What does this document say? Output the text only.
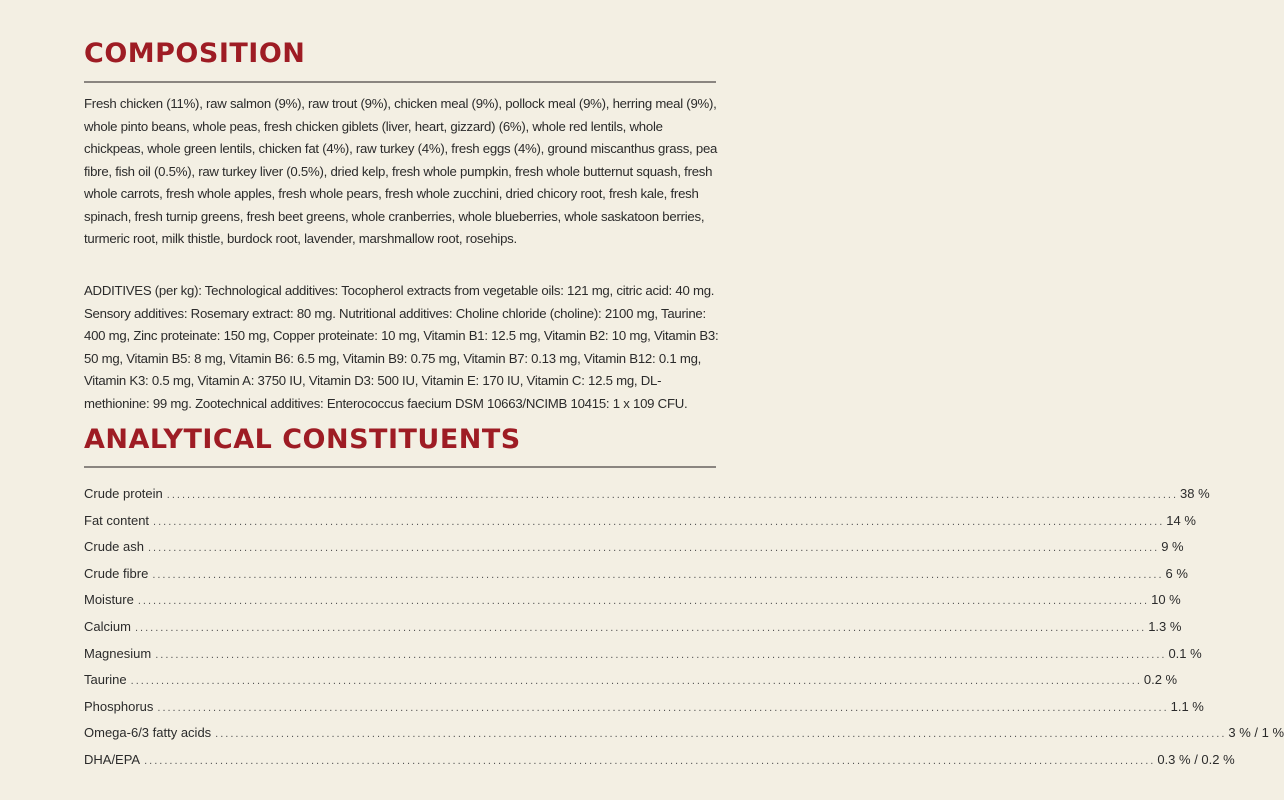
COMPOSITION

Fresh chicken (11%), raw salmon (9%), raw trout (9%), chicken meal (9%), pollock meal (9%), herring meal (9%), whole pinto beans, whole peas, fresh chicken giblets (liver, heart, gizzard) (6%), whole red lentils, whole chickpeas, whole green lentils, chicken fat (4%), raw turkey (4%), fresh eggs (4%), ground miscanthus grass, pea fibre, fish oil (0.5%), raw turkey liver (0.5%), dried kelp, fresh whole pumpkin, fresh whole butternut squash, fresh whole carrots, fresh whole apples, fresh whole pears, fresh whole zucchini, dried chicory root, fresh kale, fresh spinach, fresh turnip greens, fresh beet greens, whole cranberries, whole blueberries, whole saskatoon berries, turmeric root, milk thistle, burdock root, lavender, marshmallow root, rosehips.

ADDITIVES (per kg): Technological additives: Tocopherol extracts from vegetable oils: 121 mg, citric acid: 40 mg. Sensory additives: Rosemary extract: 80 mg. Nutritional additives: Choline chloride (choline): 2100 mg, Taurine: 400 mg, Zinc proteinate: 150 mg, Copper proteinate: 10 mg, Vitamin B1: 12.5 mg, Vitamin B2: 10 mg, Vitamin B3: 50 mg, Vitamin B5: 8 mg, Vitamin B6: 6.5 mg, Vitamin B9: 0.75 mg, Vitamin B7: 0.13 mg, Vitamin B12: 0.1 mg, Vitamin K3: 0.5 mg, Vitamin A: 3750 IU, Vitamin D3: 500 IU, Vitamin E: 170 IU, Vitamin C: 12.5 mg, DL-methionine: 99 mg. Zootechnical additives: Enterococcus faecium DSM 10663/NCIMB 10415: 1 x 109 CFU.

ANALYTICAL CONSTITUENTS
Crude protein ........................................................................................................................................................................................................ 38 %
Fat content ........................................................................................................................................................................................................ 14 %
Crude ash ........................................................................................................................................................................................................ 9 %
Crude fibre ........................................................................................................................................................................................................ 6 %
Moisture ........................................................................................................................................................................................................ 10 %
Calcium ........................................................................................................................................................................................................ 1.3 %
Magnesium ........................................................................................................................................................................................................ 0.1 %
Taurine ........................................................................................................................................................................................................ 0.2 %
Phosphorus ........................................................................................................................................................................................................ 1.1 %
Omega-6/3 fatty acids ........................................................................................................................................................................................................ 3 % / 1 %
DHA/EPA ........................................................................................................................................................................................................ 0.3 % / 0.2 %
